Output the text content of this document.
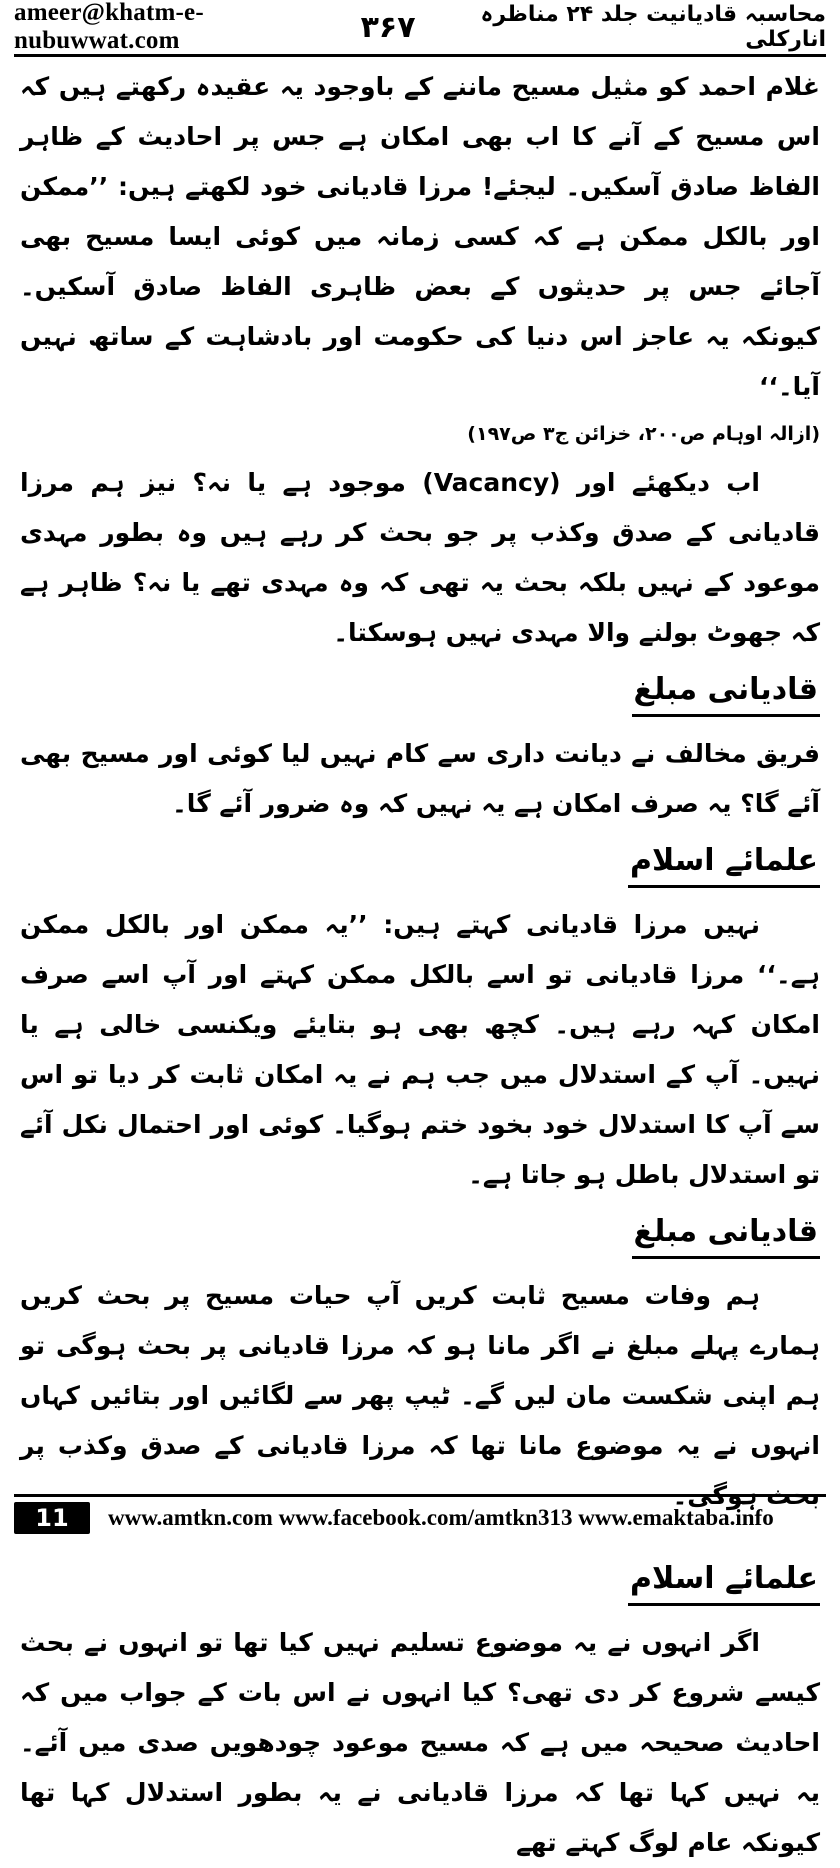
ameer@khatm-e-nubuwwat.com	۳۶۷	محاسبہ قادیانیت جلد ۲۴ مناظرہ انارکلی

غلام احمد کو مثیل مسیح ماننے کے باوجود یہ عقیدہ رکھتے ہیں کہ اس مسیح کے آنے کا اب بھی امکان ہے جس پر احادیث کے ظاہر الفاظ صادق آسکیں۔ لیجئے! مرزا قادیانی خود لکھتے ہیں: ’’ممکن اور بالکل ممکن ہے کہ کسی زمانہ میں کوئی ایسا مسیح بھی آجائے جس پر حدیثوں کے بعض ظاہری الفاظ صادق آسکیں۔ کیونکہ یہ عاجز اس دنیا کی حکومت اور بادشاہت کے ساتھ نہیں آیا۔‘‘

(ازالہ اوہام ص۲۰۰، خزائن ج۳ ص۱۹۷)

اب دیکھئے اور (Vacancy) موجود ہے یا نہ؟ نیز ہم مرزا قادیانی کے صدق وکذب پر جو بحث کر رہے ہیں وہ بطور مہدی موعود کے نہیں بلکہ بحث یہ تھی کہ وہ مہدی تھے یا نہ؟ ظاہر ہے کہ جھوٹ بولنے والا مہدی نہیں ہوسکتا۔

قادیانی مبلغ

فریق مخالف نے دیانت داری سے کام نہیں لیا کوئی اور مسیح بھی آئے گا؟ یہ صرف امکان ہے یہ نہیں کہ وہ ضرور آئے گا۔

علمائے اسلام

نہیں مرزا قادیانی کہتے ہیں: ’’یہ ممکن اور بالکل ممکن ہے۔‘‘ مرزا قادیانی تو اسے بالکل ممکن کہتے اور آپ اسے صرف امکان کہہ رہے ہیں۔ کچھ بھی ہو بتایئے ویکنسی خالی ہے یا نہیں۔ آپ کے استدلال میں جب ہم نے یہ امکان ثابت کر دیا تو اس سے آپ کا استدلال خود بخود ختم ہوگیا۔ کوئی اور احتمال نکل آئے تو استدلال باطل ہو جاتا ہے۔

قادیانی مبلغ

ہم وفات مسیح ثابت کریں آپ حیات مسیح پر بحث کریں ہمارے پہلے مبلغ نے اگر مانا ہو کہ مرزا قادیانی پر بحث ہوگی تو ہم اپنی شکست مان لیں گے۔ ٹیپ پھر سے لگائیں اور بتائیں کہاں انہوں نے یہ موضوع مانا تھا کہ مرزا قادیانی کے صدق وکذب پر بحث ہوگی۔

علمائے اسلام

اگر انہوں نے یہ موضوع تسلیم نہیں کیا تھا تو انہوں نے بحث کیسے شروع کر دی تھی؟ کیا انہوں نے اس بات کے جواب میں کہ احادیث صحیحہ میں ہے کہ مسیح موعود چودھویں صدی میں آئے۔ یہ نہیں کہا تھا کہ مرزا قادیانی نے یہ بطور استدلال کہا تھا کیونکہ عام لوگ کہتے تھے

11	www.amtkn.com www.facebook.com/amtkn313 www.emaktaba.info
